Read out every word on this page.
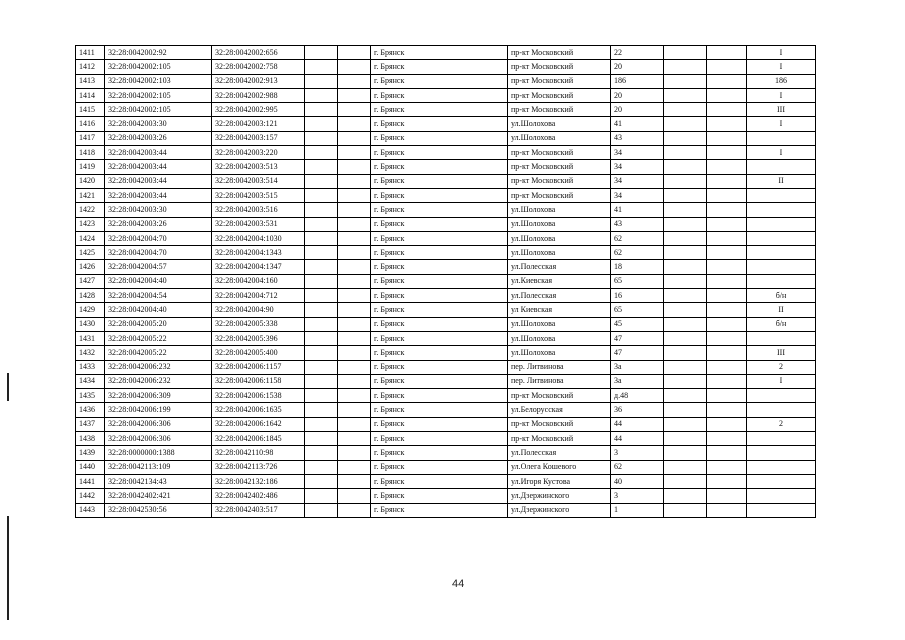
1411	32:28:0042002:92	32:28:0042002:656			г. Брянск	пр-кт Московский	22			I
1412	32:28:0042002:105	32:28:0042002:758			г. Брянск	пр-кт Московский	20			I
1413	32:28:0042002:103	32:28:0042002:913			г. Брянск	пр-кт Московский	186			186
1414	32:28:0042002:105	32:28:0042002:988			г. Брянск	пр-кт Московский	20			I
1415	32:28:0042002:105	32:28:0042002:995			г. Брянск	пр-кт Московский	20			III
1416	32:28:0042003:30	32:28:0042003:121			г. Брянск	ул.Шолохова	41			I
1417	32:28:0042003:26	32:28:0042003:157			г. Брянск	ул.Шолохова	43			
1418	32:28:0042003:44	32:28:0042003:220			г. Брянск	пр-кт Московский	34			I
1419	32:28:0042003:44	32:28:0042003:513			г. Брянск	пр-кт Московский	34			
1420	32:28:0042003:44	32:28:0042003:514			г. Брянск	пр-кт Московский	34			II
1421	32:28:0042003:44	32:28:0042003:515			г. Брянск	пр-кт Московский	34			
1422	32:28:0042003:30	32:28:0042003:516			г. Брянск	ул.Шолохова	41			
1423	32:28:0042003:26	32:28:0042003:531			г. Брянск	ул.Шолохова	43			
1424	32:28:0042004:70	32:28:0042004:1030			г. Брянск	ул.Шолохова	62			
1425	32:28:0042004:70	32:28:0042004:1343			г. Брянск	ул.Шолохова	62			
1426	32:28:0042004:57	32:28:0042004:1347			г. Брянск	ул.Полесская	18			
1427	32:28:0042004:40	32:28:0042004:160			г. Брянск	ул.Киевская	65			
1428	32:28:0042004:54	32:28:0042004:712			г. Брянск	ул.Полесская	16			б/н
1429	32:28:0042004:40	32:28:0042004:90			г. Брянск	ул Киевская	65			II
1430	32:28:0042005:20	32:28:0042005:338			г. Брянск	ул.Шолохова	45			б/н
1431	32:28:0042005:22	32:28:0042005:396			г. Брянск	ул.Шолохова	47			
1432	32:28:0042005:22	32:28:0042005:400			г. Брянск	ул.Шолохова	47			III
1433	32:28:0042006:232	32:28:0042006:1157			г. Брянск	пер. Литвинова	3а			2
1434	32:28:0042006:232	32:28:0042006:1158			г. Брянск	пер. Литвинова	3а			I
1435	32:28:0042006:309	32:28:0042006:1538			г. Брянск	пр-кт Московский	д.48			
1436	32:28:0042006:199	32:28:0042006:1635			г. Брянск	ул.Белорусская	36			
1437	32:28:0042006:306	32:28:0042006:1642			г. Брянск	пр-кт Московский	44			2
1438	32:28:0042006:306	32:28:0042006:1845			г. Брянск	пр-кт Московский	44			
1439	32:28:0000000:1388	32:28:0042110:98			г. Брянск	ул.Полесская	3			
1440	32:28:0042113:109	32:28:0042113:726			г. Брянск	ул.Олега Кошевого	62			
1441	32:28:0042134:43	32:28:0042132:186			г. Брянск	ул.Игоря Кустова	40			
1442	32:28:0042402:421	32:28:0042402:486			г. Брянск	ул.Дзержинского	3			
1443	32:28:0042530:56	32:28:0042403:517			г. Брянск	ул.Дзержинского	1			
44
